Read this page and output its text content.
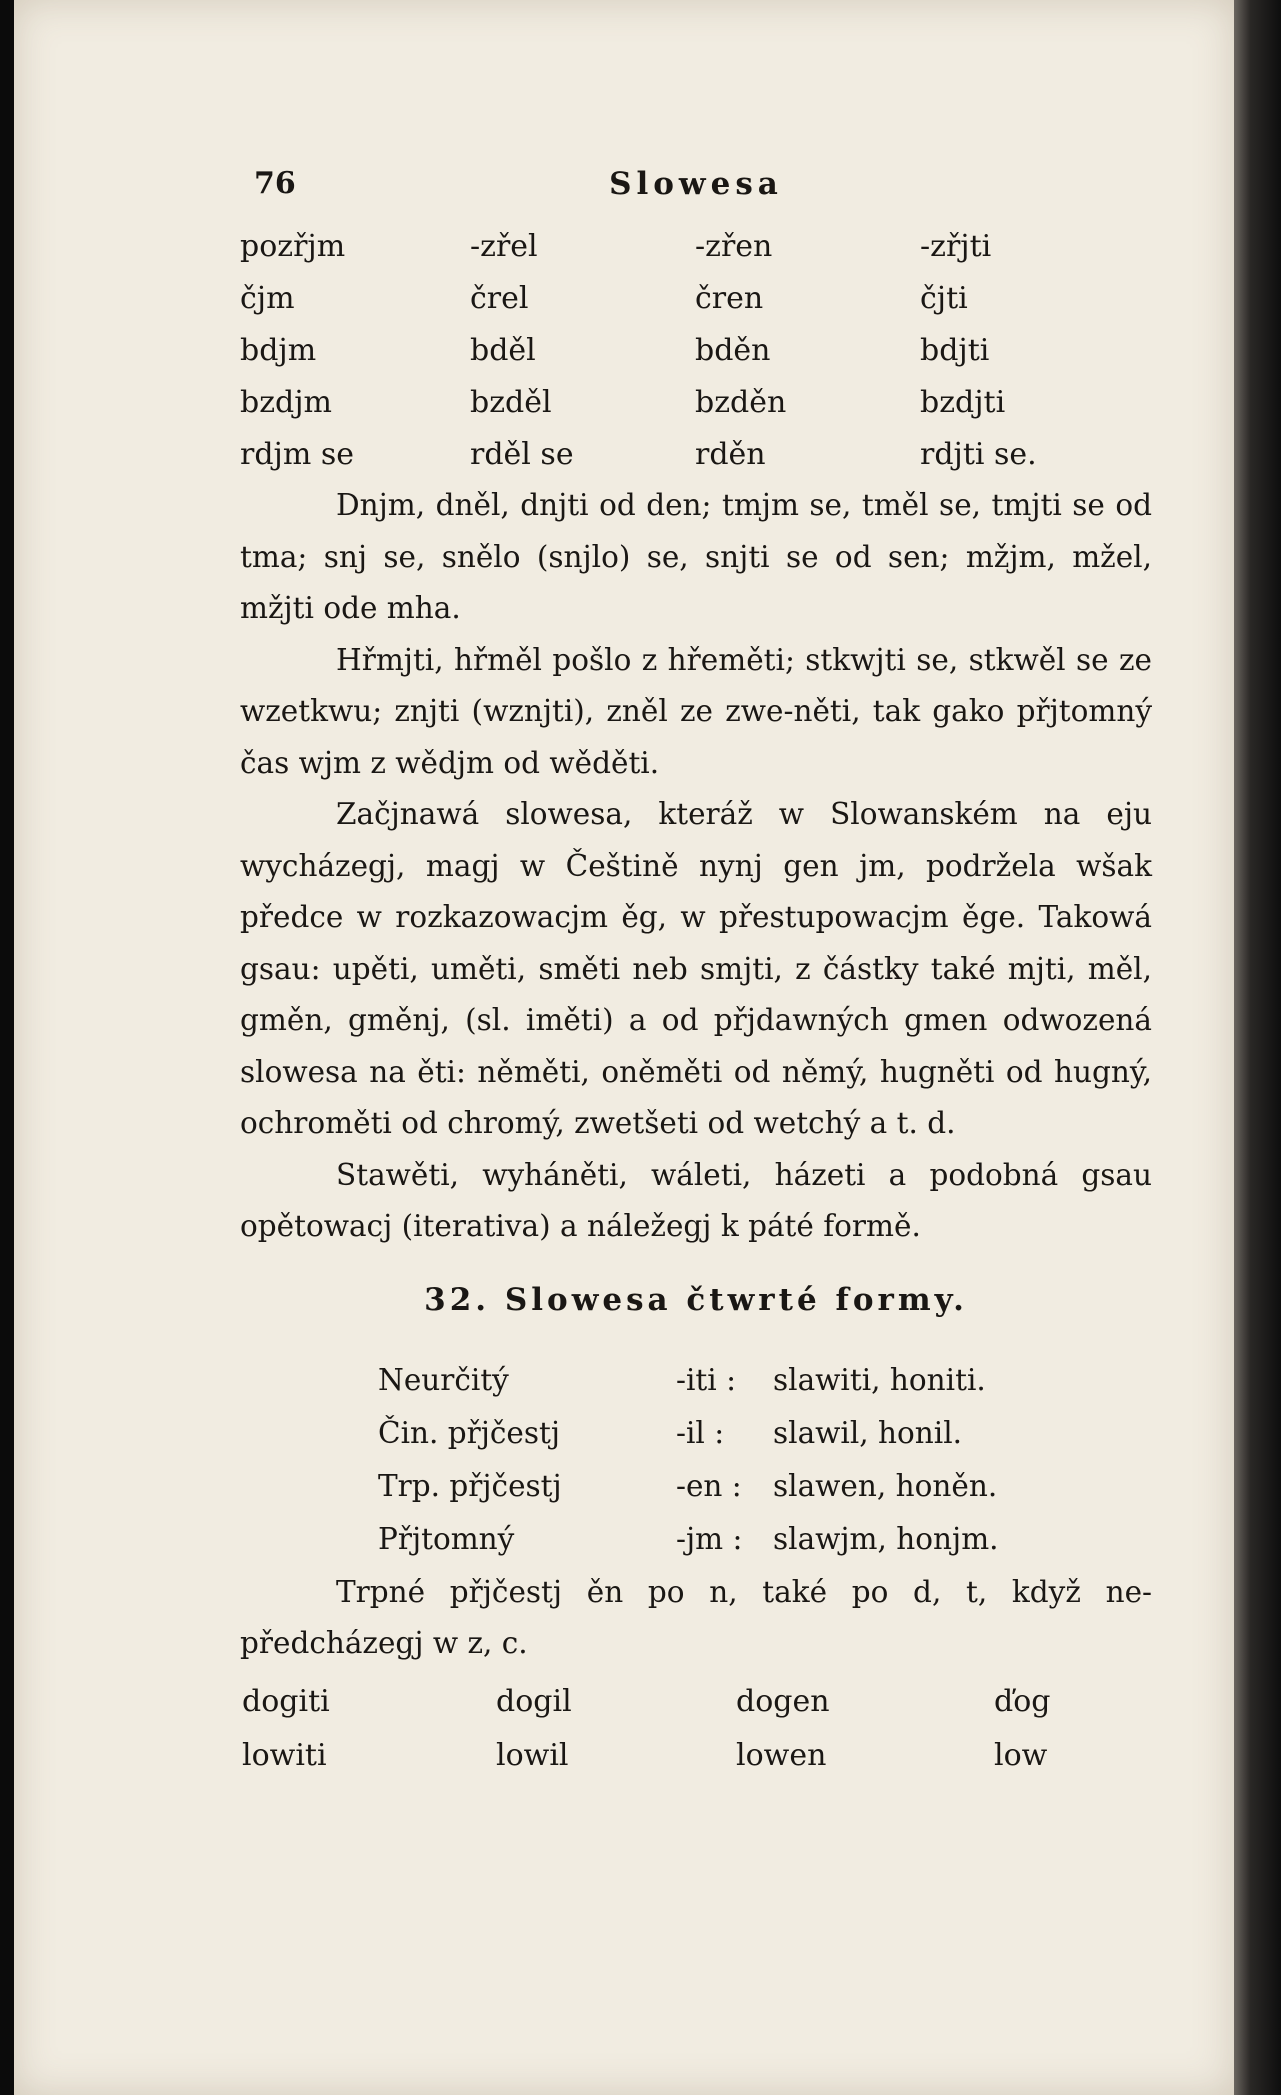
76	Slowesa
pozřjm	-zřel	-zřen	-zřjti
čjm	črel	čren	čjti
bdjm	bděl	bděn	bdjti
bzdjm	bzděl	bzděn	bzdjti
rdjm se	rděl se	rděn	rdjti se.

Dnjm, dněl, dnjti od den; tmjm se, tměl se, tmjti se od tma; snj se, snělo (snjlo) se, snjti se od sen; mžjm, mžel, mžjti ode mha.

Hřmjti, hřměl pošlo z hřeměti; stkwjti se, stkwěl se ze wzetkwu; znjti (wznjti), zněl ze zwe-něti, tak gako přjtomný čas wjm z wědjm od wěděti.

Začjnawá slowesa, kteráž w Slowanském na eju wycházegj, magj w Češtině nynj gen jm, podržela wšak předce w rozkazowacjm ěg, w přestupowacjm ěge. Takowá gsau: upěti, uměti, směti neb smjti, z částky také mjti, měl, gměn, gměnj, (sl. iměti) a od přjdawných gmen odwozená slowesa na ěti: něměti, oněměti od němý, hugněti od hugný, ochroměti od chromý, zwetšeti od wetchý a t. d.

Stawěti, wyháněti, wáleti, házeti a podobná gsau opětowacj (iterativa) a náležegj k páté formě.

32. Slowesa čtwrté formy.
Neurčitý	-iti :	slawiti, honiti.
Čin. přjčestj	-il :	slawil, honil.
Trp. přjčestj	-en :	slawen, honěn.
Přjtomný	-jm :	slawjm, honjm.

Trpné přjčestj ěn po n, také po d, t, když ne-předcházegj w z, c.

dogiti	dogil	dogen	ďog
lowiti	lowil	lowen	low
